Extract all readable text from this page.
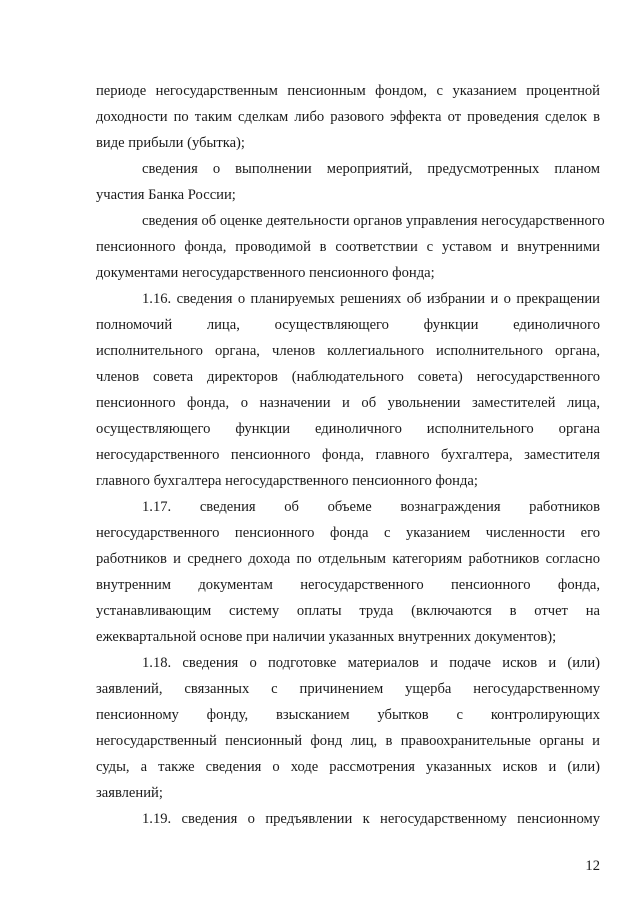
периоде негосударственным пенсионным фондом, с указанием процентной
доходности по таким сделкам либо разового эффекта от проведения сделок в
виде прибыли (убытка);
сведения о выполнении мероприятий, предусмотренных планом
участия Банка России;
сведения об оценке деятельности органов управления негосударственного
пенсионного фонда, проводимой в соответствии с уставом и внутренними
документами негосударственного пенсионного фонда;
1.16. сведения о планируемых решениях об избрании и о прекращении
полномочий лица, осуществляющего функции единоличного
исполнительного органа, членов коллегиального исполнительного органа,
членов совета директоров (наблюдательного совета) негосударственного
пенсионного фонда, о назначении и об увольнении заместителей лица,
осуществляющего функции единоличного исполнительного органа
негосударственного пенсионного фонда, главного бухгалтера, заместителя
главного бухгалтера негосударственного пенсионного фонда;
1.17. сведения об объеме вознаграждения работников
негосударственного пенсионного фонда с указанием численности его
работников и среднего дохода по отдельным категориям работников согласно
внутренним документам негосударственного пенсионного фонда,
устанавливающим систему оплаты труда (включаются в отчет на
ежеквартальной основе при наличии указанных внутренних документов);
1.18. сведения о подготовке материалов и подаче исков и (или)
заявлений, связанных с причинением ущерба негосударственному
пенсионному фонду, взысканием убытков с контролирующих
негосударственный пенсионный фонд лиц, в правоохранительные органы и
суды, а также сведения о ходе рассмотрения указанных исков и (или)
заявлений;
1.19. сведения о предъявлении к негосударственному пенсионному
12
